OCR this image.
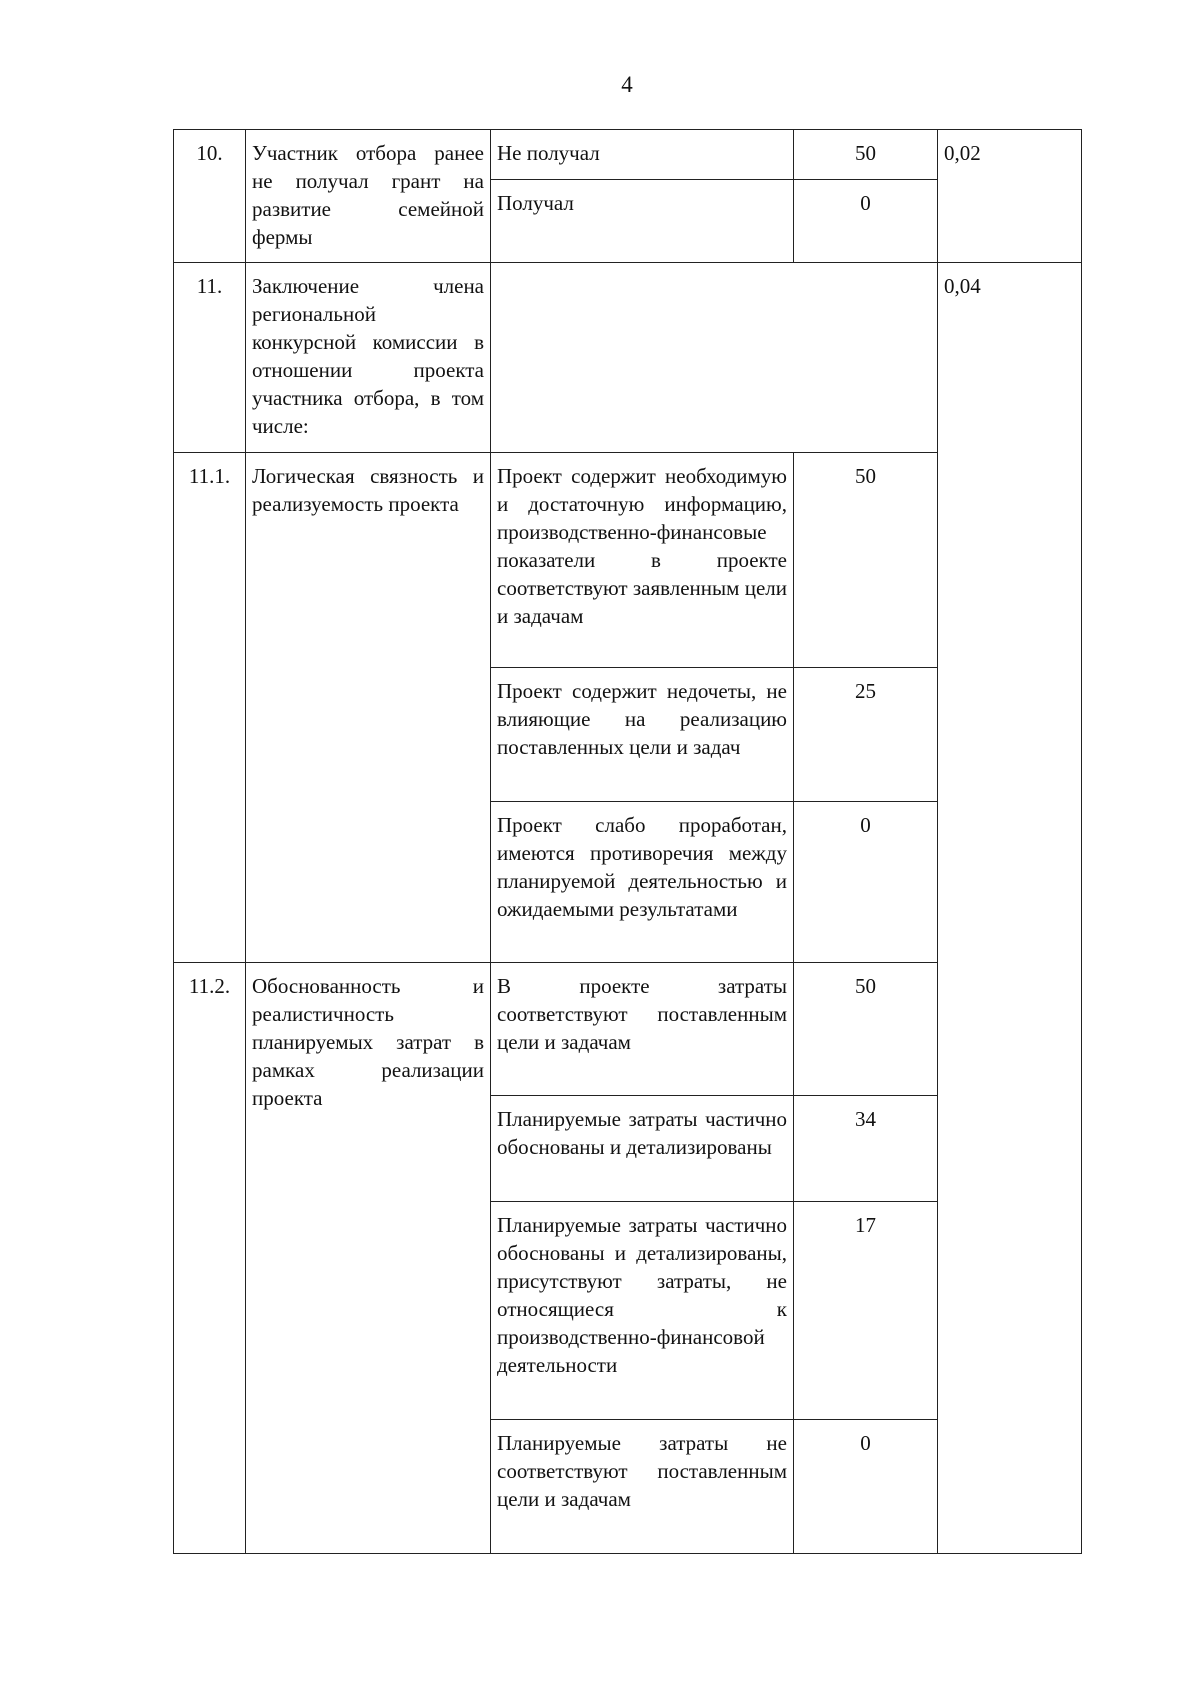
4
10.	Участник отбора ранее не получал грант на развитие семейной фермы	Не получал	50	0,02
		Получал	0	
11.	Заключение члена региональной конкурсной комиссии в отношении проекта участника отбора, в том числе:			0,04
11.1.	Логическая связность и реализуемость проекта	Проект содержит необходимую и достаточную информацию, производственно-финансовые показатели в проекте соответствуют заявленным цели и задачам	50	
		Проект содержит недочеты, не влияющие на реализацию поставленных цели и задач	25	
		Проект слабо проработан, имеются противоречия между планируемой деятельностью и ожидаемыми результатами	0	
11.2.	Обоснованность и реалистичность планируемых затрат в рамках реализации проекта	В проекте затраты соответствуют поставленным цели и задачам	50	
		Планируемые затраты частично обоснованы и детализированы	34	
		Планируемые затраты частично обоснованы и детализированы, присутствуют затраты, не относящиеся к производственно-финансовой деятельности	17	
		Планируемые затраты не соответствуют поставленным цели и задачам	0	
